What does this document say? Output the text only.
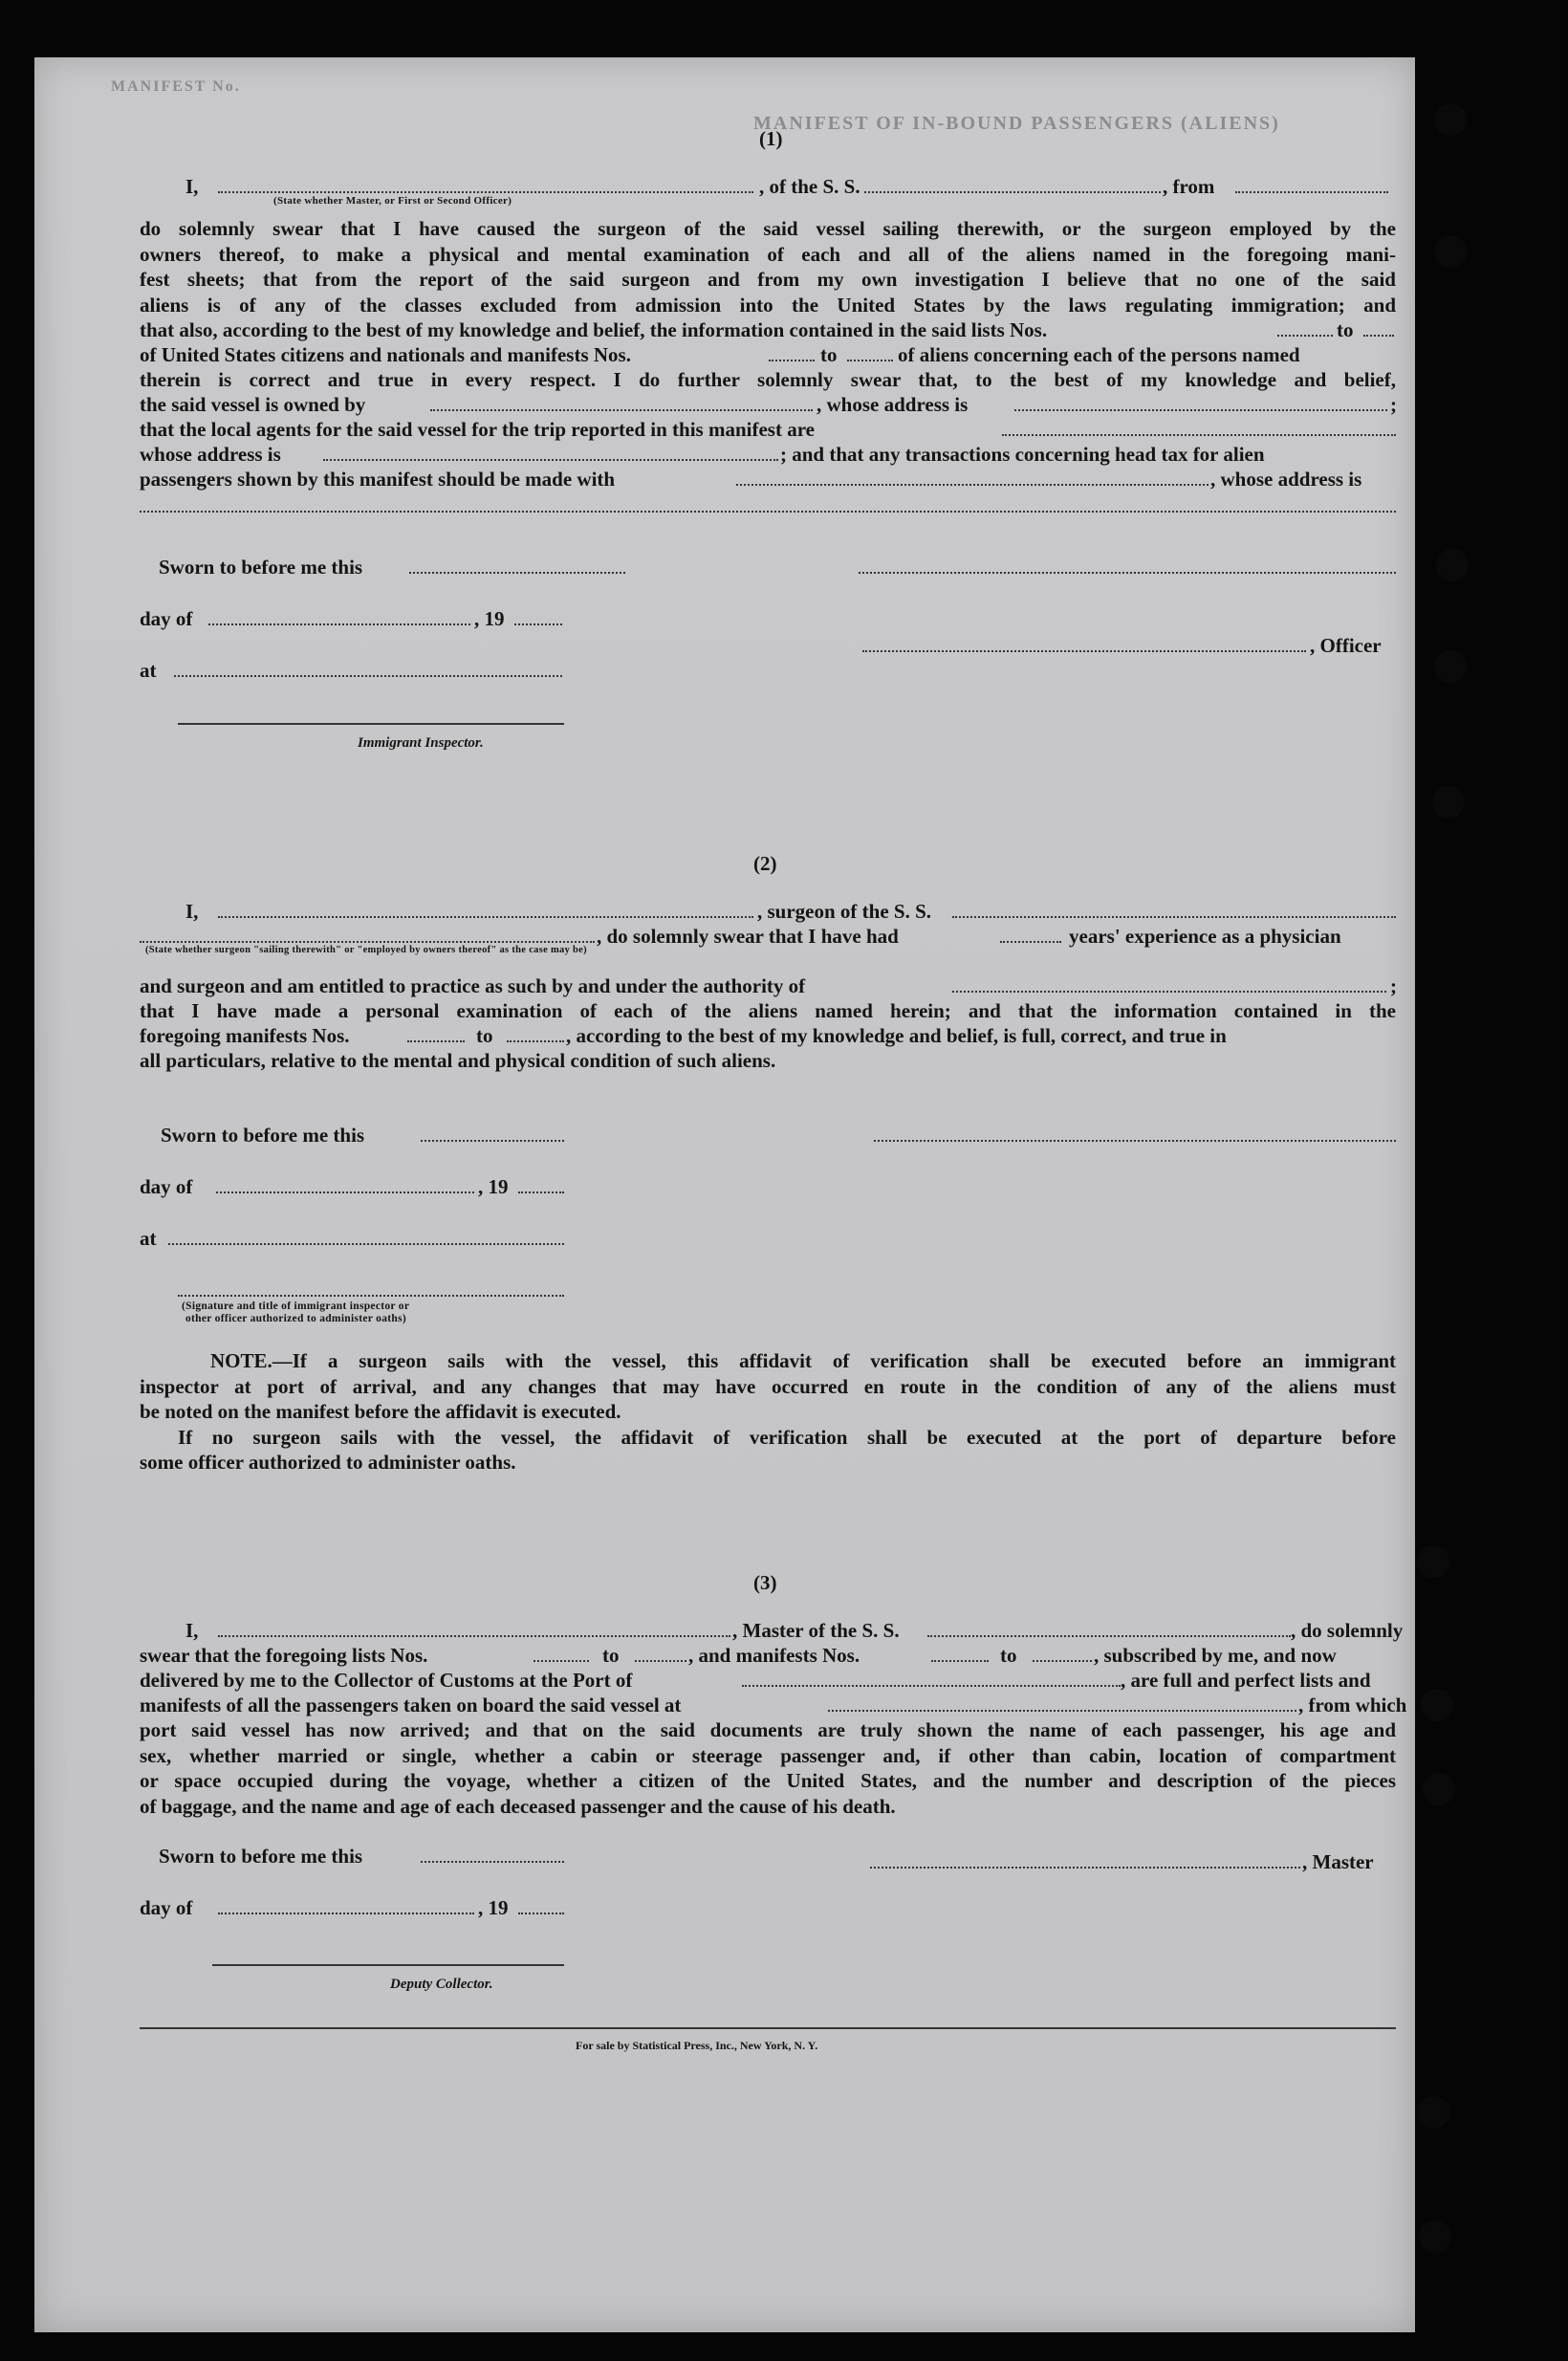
MANIFEST OF IN-BOUND PASSENGERS (ALIENS)
MANIFEST No.
(1)
I,	, of the S. S.	, from
(State whether Master, or First or Second Officer)
do solemnly swear that I have caused the surgeon of the said vessel sailing therewith, or the surgeon employed by the
owners thereof, to make a physical and mental examination of each and all of the aliens named in the foregoing mani-
fest sheets; that from the report of the said surgeon and from my own investigation I believe that no one of the said
aliens is of any of the classes excluded from admission into the United States by the laws regulating immigration; and
that also, according to the best of my knowledge and belief, the information contained in the said lists Nos.	to
of United States citizens and nationals and manifests Nos.	to	of aliens concerning each of the persons named
therein is correct and true in every respect. I do further solemnly swear that, to the best of my knowledge and belief,
the said vessel is owned by	, whose address is	;
that the local agents for the said vessel for the trip reported in this manifest are
whose address is	; and that any transactions concerning head tax for alien
passengers shown by this manifest should be made with	, whose address is
Sworn to before me this
day of	, 19
, Officer
at
Immigrant Inspector.
(2)
I,	, surgeon of the S. S.
, do solemnly swear that I have had	years' experience as a physician
(State whether surgeon "sailing therewith" or "employed by owners thereof" as the case may be)
and surgeon and am entitled to practice as such by and under the authority of	;
that I have made a personal examination of each of the aliens named herein; and that the information contained in the
foregoing manifests Nos.	to	, according to the best of my knowledge and belief, is full, correct, and true in
all particulars, relative to the mental and physical condition of such aliens.
Sworn to before me this
day of	, 19
at
(Signature and title of immigrant inspector or
other officer authorized to administer oaths)
NOTE.—If a surgeon sails with the vessel, this affidavit of verification shall be executed before an immigrant
inspector at port of arrival, and any changes that may have occurred en route in the condition of any of the aliens must
be noted on the manifest before the affidavit is executed.
If no surgeon sails with the vessel, the affidavit of verification shall be executed at the port of departure before
some officer authorized to administer oaths.
(3)
I,	, Master of the S. S.	, do solemnly
swear that the foregoing lists Nos.	to	, and manifests Nos.	to	, subscribed by me, and now
delivered by me to the Collector of Customs at the Port of	, are full and perfect lists and
manifests of all the passengers taken on board the said vessel at	, from which
port said vessel has now arrived; and that on the said documents are truly shown the name of each passenger, his age and
sex, whether married or single, whether a cabin or steerage passenger and, if other than cabin, location of compartment
or space occupied during the voyage, whether a citizen of the United States, and the number and description of the pieces
of baggage, and the name and age of each deceased passenger and the cause of his death.
Sworn to before me this	, Master
day of	, 19
Deputy Collector.
For sale by Statistical Press, Inc., New York, N. Y.
